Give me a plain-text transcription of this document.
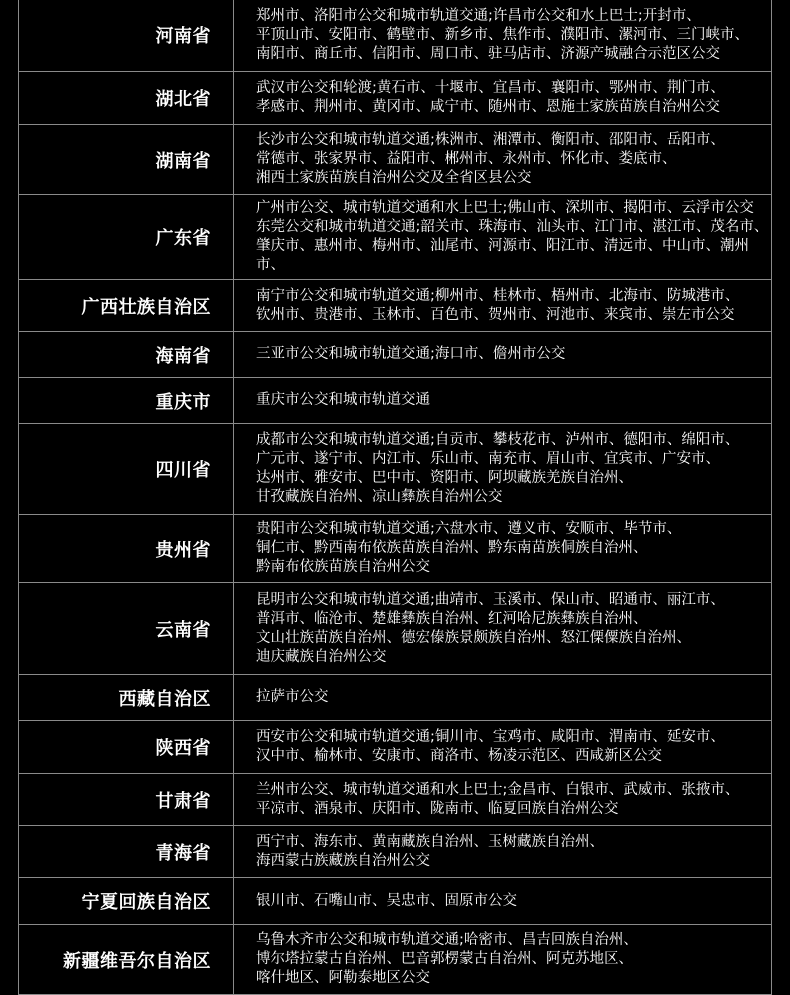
河南省	郑州市、洛阳市公交和城市轨道交通;许昌市公交和水上巴士;开封市、
平顶山市、安阳市、鹤壁市、新乡市、焦作市、濮阳市、漯河市、三门峡市、
南阳市、商丘市、信阳市、周口市、驻马店市、济源产城融合示范区公交
湖北省	武汉市公交和轮渡;黄石市、十堰市、宜昌市、襄阳市、鄂州市、荆门市、
孝感市、荆州市、黄冈市、咸宁市、随州市、恩施土家族苗族自治州公交
湖南省	长沙市公交和城市轨道交通;株洲市、湘潭市、衡阳市、邵阳市、岳阳市、
常德市、张家界市、益阳市、郴州市、永州市、怀化市、娄底市、
湘西土家族苗族自治州公交及全省区县公交
广东省	广州市公交、城市轨道交通和水上巴士;佛山市、深圳市、揭阳市、云浮市公交
东莞公交和城市轨道交通;韶关市、珠海市、汕头市、江门市、湛江市、茂名市、
肇庆市、惠州市、梅州市、汕尾市、河源市、阳江市、清远市、中山市、潮州市、
广西壮族自治区	南宁市公交和城市轨道交通;柳州市、桂林市、梧州市、北海市、防城港市、
钦州市、贵港市、玉林市、百色市、贺州市、河池市、来宾市、崇左市公交
海南省	三亚市公交和城市轨道交通;海口市、儋州市公交
重庆市	重庆市公交和城市轨道交通
四川省	成都市公交和城市轨道交通;自贡市、攀枝花市、泸州市、德阳市、绵阳市、
广元市、遂宁市、内江市、乐山市、南充市、眉山市、宜宾市、广安市、
达州市、雅安市、巴中市、资阳市、阿坝藏族羌族自治州、
甘孜藏族自治州、凉山彝族自治州公交
贵州省	贵阳市公交和城市轨道交通;六盘水市、遵义市、安顺市、毕节市、
铜仁市、黔西南布依族苗族自治州、黔东南苗族侗族自治州、
黔南布依族苗族自治州公交
云南省	昆明市公交和城市轨道交通;曲靖市、玉溪市、保山市、昭通市、丽江市、
普洱市、临沧市、楚雄彝族自治州、红河哈尼族彝族自治州、
文山壮族苗族自治州、德宏傣族景颇族自治州、怒江傈僳族自治州、
迪庆藏族自治州公交
西藏自治区	拉萨市公交
陕西省	西安市公交和城市轨道交通;铜川市、宝鸡市、咸阳市、渭南市、延安市、
汉中市、榆林市、安康市、商洛市、杨凌示范区、西咸新区公交
甘肃省	兰州市公交、城市轨道交通和水上巴士;金昌市、白银市、武威市、张掖市、
平凉市、酒泉市、庆阳市、陇南市、临夏回族自治州公交
青海省	西宁市、海东市、黄南藏族自治州、玉树藏族自治州、
海西蒙古族藏族自治州公交
宁夏回族自治区	银川市、石嘴山市、吴忠市、固原市公交
新疆维吾尔自治区	乌鲁木齐市公交和城市轨道交通;哈密市、昌吉回族自治州、
博尔塔拉蒙古自治州、巴音郭楞蒙古自治州、阿克苏地区、
喀什地区、阿勒泰地区公交
